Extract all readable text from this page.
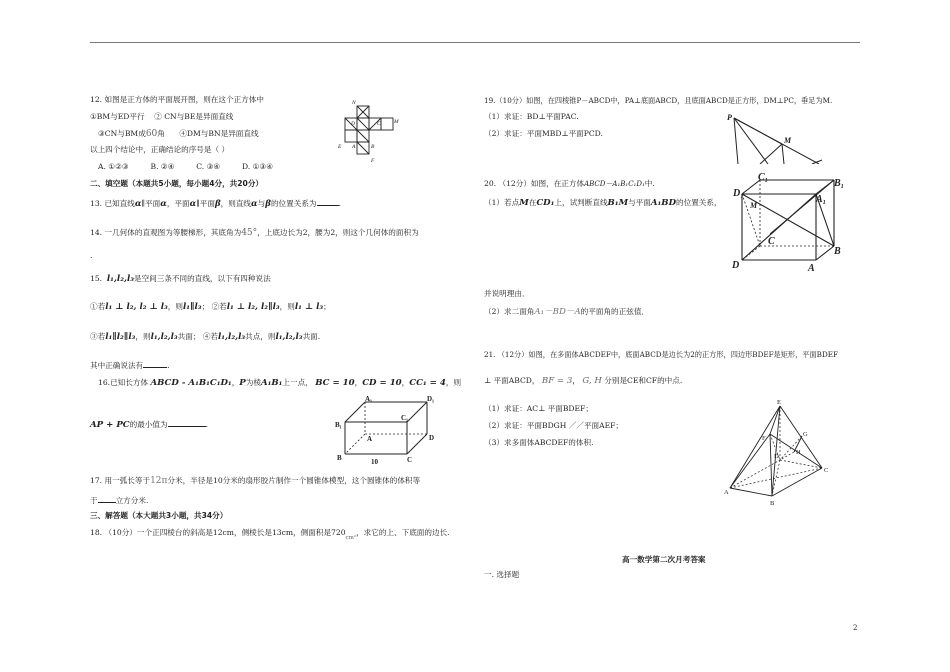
12. 如图是正方体的平面展开图，则在这个正方体中
①BM与ED平行 ② CN与BE是异面直线
③CN与BM成60角 ④DM与BN是异面直线
以上四个结论中，正确结论的序号是（ ）
A. ①②③	B. ②④	C. ③④	D. ①③④
N
D	C M
E A	B
F
二、填空题（本题共5小题，每小题4分，共20分）
13. 已知直线α∥平面α，平面α∥平面β，则直线α与β的位置关系为	.
14. 一几何体的直观图为等腰梯形，其底角为45°，上底边长为2，腰为2，则这个几何体的面积为
.
15.  l₁,l₂,l₃是空间三条不同的直线，以下有四种说法
①若l₁ ⊥ l₂, l₂ ⊥ l₃，则l₁∥l₃； ②若l₁ ⊥ l₂, l₂∥l₃，则l₁ ⊥ l₃；
③若l₁∥l₂∥l₃，则l₁,l₂,l₃共面； ④若l₁,l₂,l₃共点，则l₁,l₂,l₃共面.
其中正确说法有	.
16.已知长方体 ABCD - A₁B₁C₁D₁，P为棱A₁B₁上一点， BC = 10，CD = 10，CC₁ = 4，则
AP + PC的最小值为	.
A₁	D₁
B₁
C₁
A
B	10	C
D
17. 用一弧长等于12π分米，半径是10分米的扇形胶片制作一个圆锥体模型，这个圆锥体的体积等
于 立方分米.
三、解答题（本大题共3小题，共34分）
18. （10分）一个正四棱台的斜高是12cm，侧棱长是13cm，侧面积是$720_{cm^2}$，求它的上、下底面的边长.
19.（10分）如图，在四棱锥P－ABCD中，PA⊥底面ABCD，且底面ABCD是正方形，DM⊥PC，垂足为M.
（1）求证：BD⊥平面PAC.
（2）求证：平面MBD⊥平面PCD.
P
M
20. （12分）如图，在正方体ABCD－A₁B₁C₁D₁中.
（1）若点M在CD₁上，试判断直线B₁M与平面A₁BD的位置关系，
C₁
B₁
D₁
A₁
M
C
B
D	A
并说明理由．
（2）求二面角A₁－BD－A的平面角的正弦值．
21. （12分）如图，在多面体ABCDEF中，底面ABCD是边长为2的正方形，四边形BDEF是矩形，平面BDEF
⊥ 平面ABCD， BF = 3， G, H 分别是CE和CF的中点.
（1）求证：AC⊥ 平面BDEF；
（2）求证：平面BDGH ／／平面AEF；
（3）求多面体ABCDEF的体积.
E
F
G
D
H
C
A
B
高一数学第二次月考答案
一. 选择题
2
